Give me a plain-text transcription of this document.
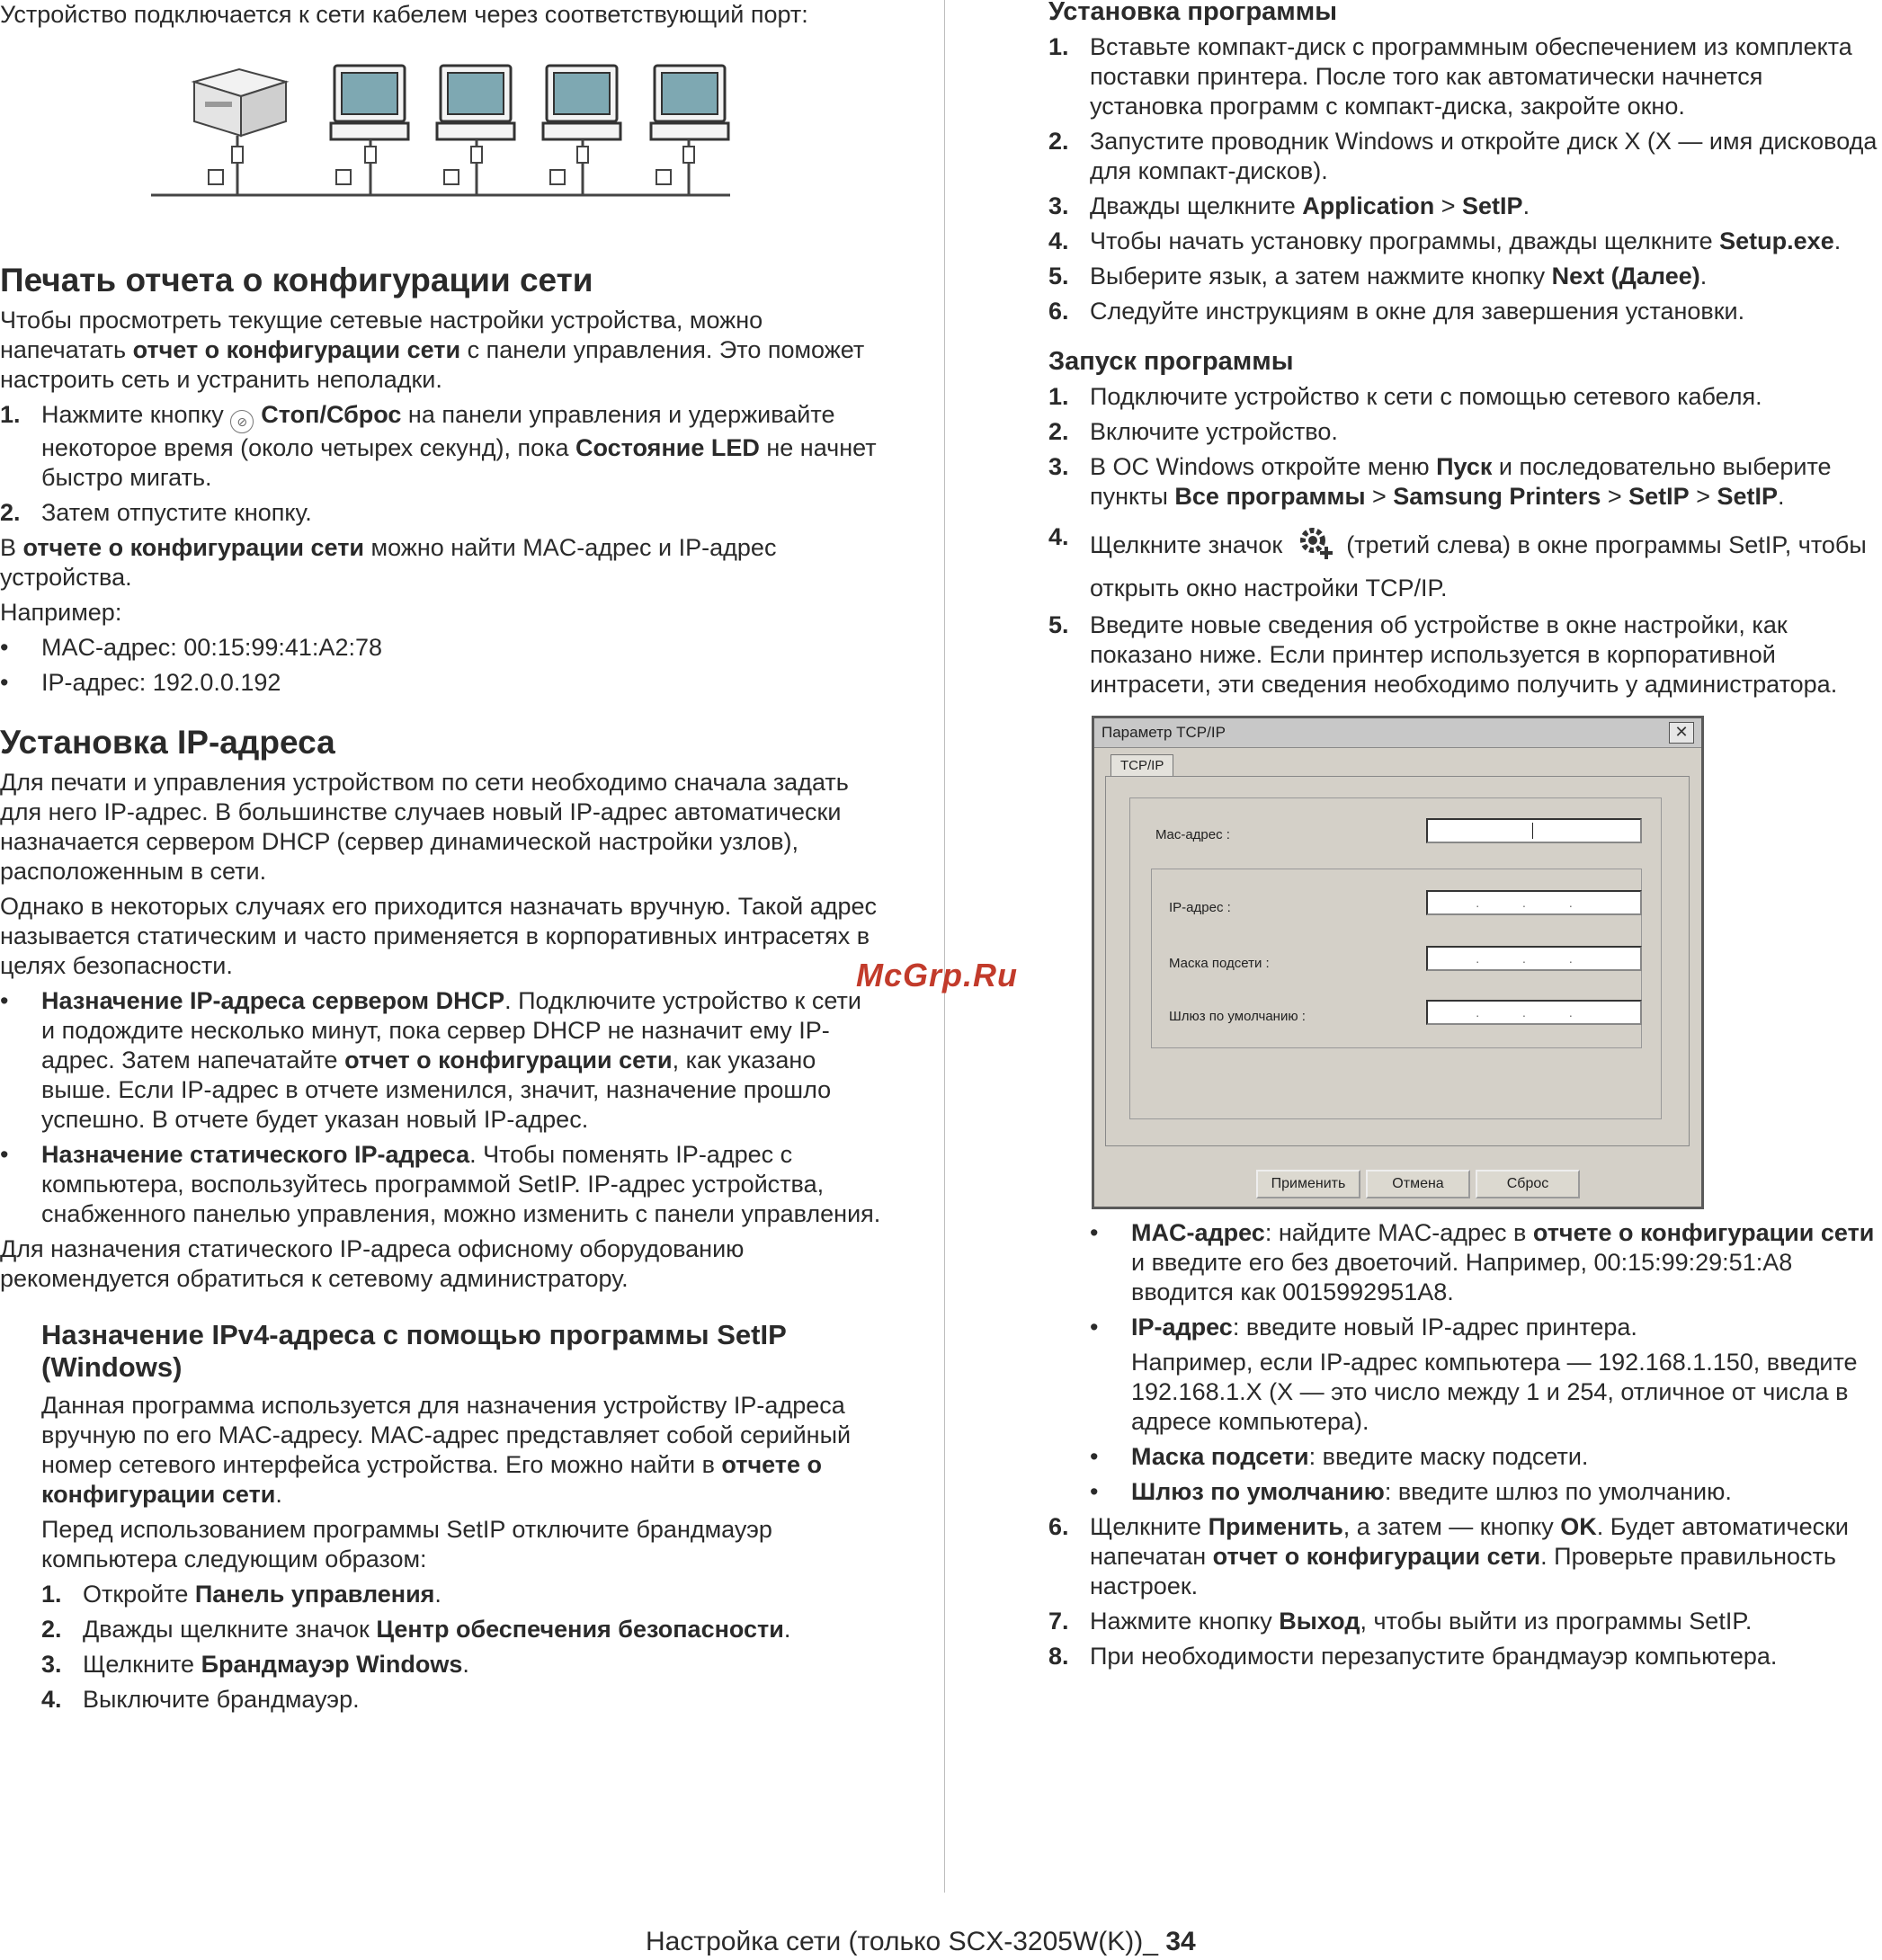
Устройство подключается к сети кабелем через соответствующий порт:

Печать отчета о конфигурации сети

Чтобы просмотреть текущие сетевые настройки устройства, можно напечатать отчет о конфигурации сети с панели управления. Это поможет настроить сеть и устранить неполадки.

1. Нажмите кнопку ⊘ Стоп/Сброс на панели управления и удерживайте некоторое время (около четырех секунд), пока Состояние LED не начнет быстро мигать.
2. Затем отпустите кнопку.

В отчете о конфигурации сети можно найти MAC-адрес и IP-адрес устройства.

Например:

•	MAC-адрес: 00:15:99:41:A2:78
•	IP-адрес: 192.0.0.192
Установка IP-адреса

Для печати и управления устройством по сети необходимо сначала задать для него IP-адрес. В большинстве случаев новый IP-адрес автоматически назначается сервером DHCP (сервер динамической настройки узлов), расположенным в сети.

Однако в некоторых случаях его приходится назначать вручную. Такой адрес называется статическим и часто применяется в корпоративных интрасетях в целях безопасности.

•	Назначение IP-адреса сервером DHCP. Подключите устройство к сети и подождите несколько минут, пока сервер DHCP не назначит ему IP-адрес. Затем напечатайте отчет о конфигурации сети, как указано выше. Если IP-адрес в отчете изменился, значит, назначение прошло успешно. В отчете будет указан новый IP-адрес.
•	Назначение статического IP-адреса. Чтобы поменять IP-адрес с компьютера, воспользуйтесь программой SetIP. IP-адрес устройства, снабженного панелью управления, можно изменить с панели управления.

Для назначения статического IP-адреса офисному оборудованию рекомендуется обратиться к сетевому администратору.

Назначение IPv4-адреса с помощью программы SetIP (Windows)

Данная программа используется для назначения устройству IP-адреса вручную по его MAC-адресу. MAC-адрес представляет собой серийный номер сетевого интерфейса устройства. Его можно найти в отчете о конфигурации сети.

Перед использованием программы SetIP отключите брандмауэр компьютера следующим образом:

1. Откройте Панель управления.
2. Дважды щелкните значок Центр обеспечения безопасности.
3. Щелкните Брандмауэр Windows.
4. Выключите брандмауэр.
Установка программы
1. Вставьте компакт-диск с программным обеспечением из комплекта поставки принтера. После того как автоматически начнется установка программ с компакт-диска, закройте окно.
2. Запустите проводник Windows и откройте диск X (X — имя дисковода для компакт-дисков).
3. Дважды щелкните Application > SetIP.
4. Чтобы начать установку программы, дважды щелкните Setup.exe.
5. Выберите язык, а затем нажмите кнопку Next (Далее).
6. Следуйте инструкциям в окне для завершения установки.
Запуск программы
1. Подключите устройство к сети с помощью сетевого кабеля.
2. Включите устройство.
3. В ОС Windows откройте меню Пуск и последовательно выберите пункты Все программы > Samsung Printers > SetIP > SetIP.
4. Щелкните значок  (третий слева) в окне программы SetIP, чтобы открыть окно настройки TCP/IP.
5. Введите новые сведения об устройстве в окне настройки, как показано ниже. Если принтер используется в корпоративной интрасети, эти сведения необходимо получить у администратора.
Параметр TCP/IP	✕
TCP/IP
Mac-адрес :
IP-адрес :	. . .
Маска подсети :	. . .
Шлюз по умолчанию :	. . .
Применить	Отмена	Сброс
•	MAC-адрес: найдите MAC-адрес в отчете о конфигурации сети и введите его без двоеточий. Например, 00:15:99:29:51:A8 вводится как 0015992951A8.
•	IP-адрес: введите новый IP-адрес принтера.

Например, если IP-адрес компьютера — 192.168.1.150, введите 192.168.1.X (X — это число между 1 и 254, отличное от числа в адресе компьютера).

•	Маска подсети: введите маску подсети.
•	Шлюз по умолчанию: введите шлюз по умолчанию.
6. Щелкните Применить, а затем — кнопку OK. Будет автоматически напечатан отчет о конфигурации сети. Проверьте правильность настроек.
7. Нажмите кнопку Выход, чтобы выйти из программы SetIP.
8. При необходимости перезапустите брандмауэр компьютера.
McGrp.Ru
Настройка сети (только SCX-3205W(K))_ 34
